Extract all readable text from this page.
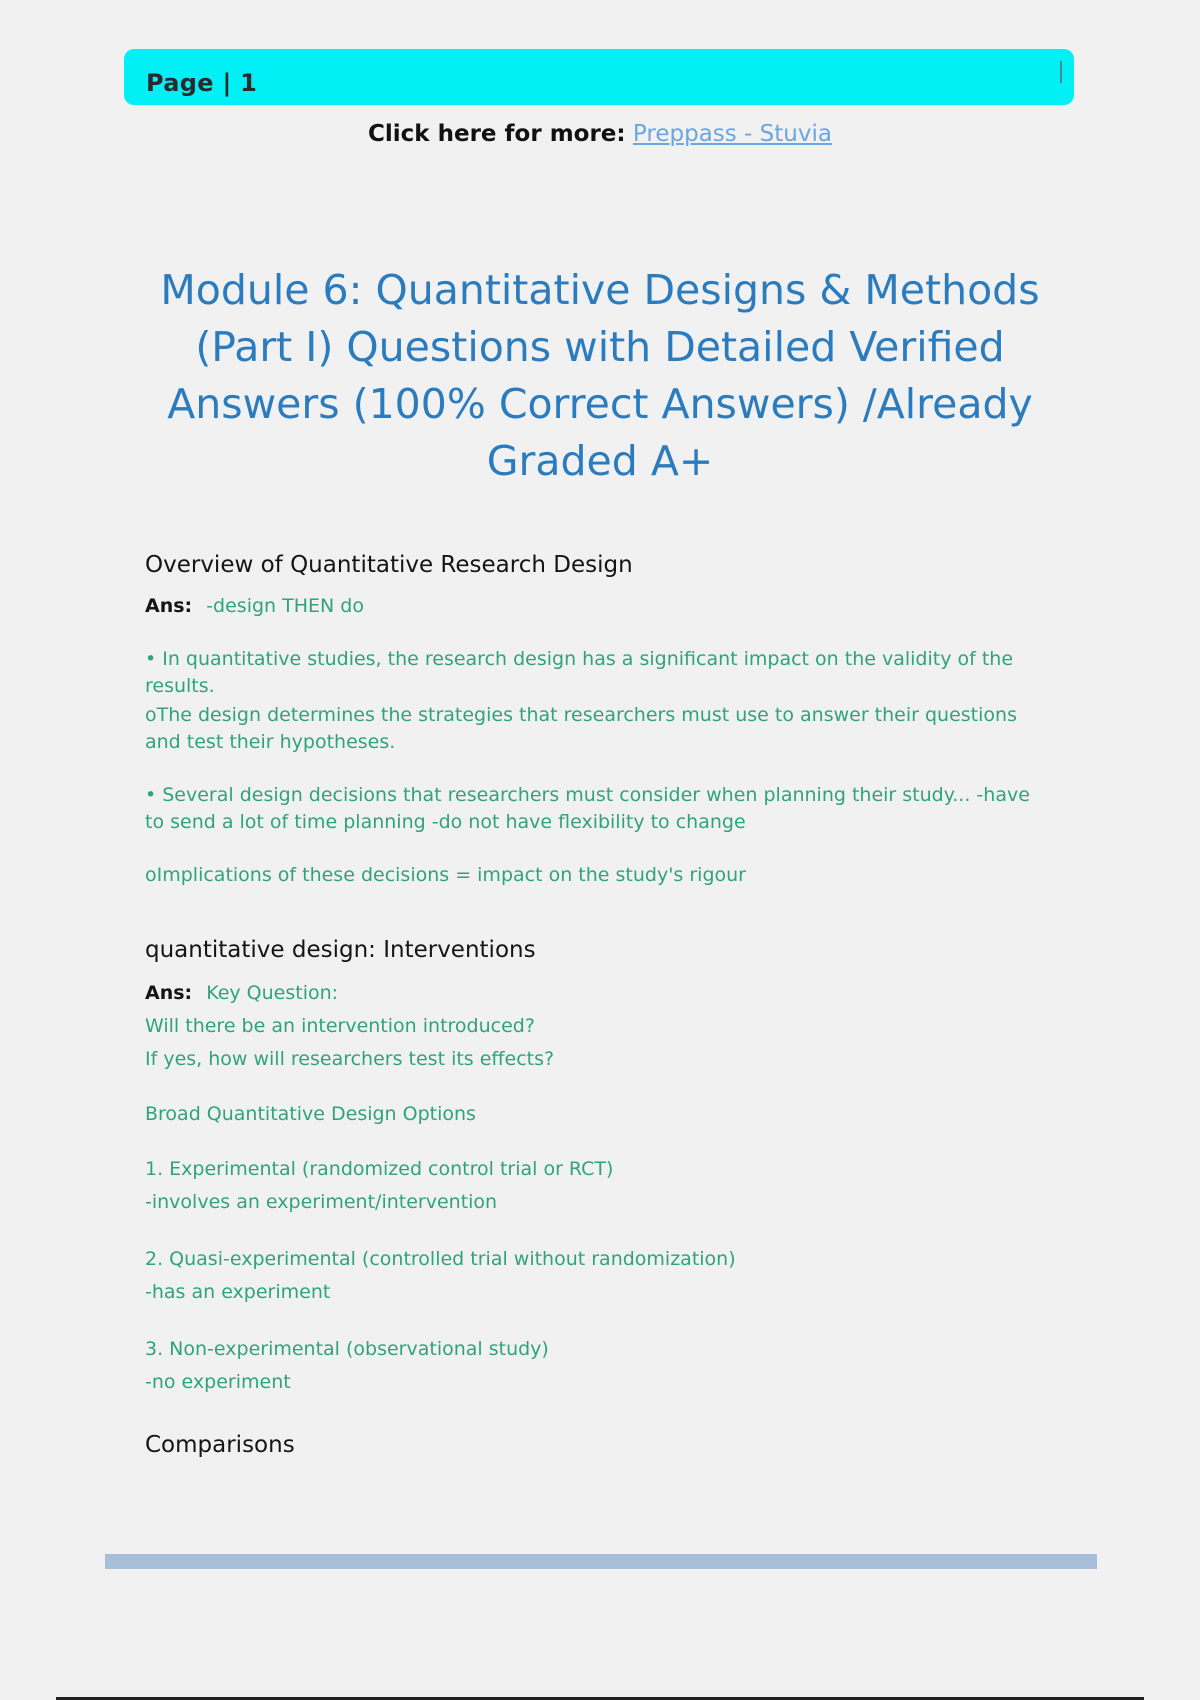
Page | 1
Click here for more: Preppass - Stuvia
Module 6: Quantitative Designs & Methods (Part I) Questions with Detailed Verified Answers (100% Correct Answers) /Already Graded A+
Overview of Quantitative Research Design

Ans: -design THEN do

• In quantitative studies, the research design has a significant impact on the validity of the results.
oThe design determines the strategies that researchers must use to answer their questions and test their hypotheses.

• Several design decisions that researchers must consider when planning their study... -have to send a lot of time planning -do not have flexibility to change

oImplications of these decisions = impact on the study's rigour

quantitative design: Interventions

Ans: Key Question:
Will there be an intervention introduced?
If yes, how will researchers test its effects?

Broad Quantitative Design Options

1. Experimental (randomized control trial or RCT)
-involves an experiment/intervention

2. Quasi-experimental (controlled trial without randomization)
-has an experiment

3. Non-experimental (observational study)
-no experiment

Comparisons
